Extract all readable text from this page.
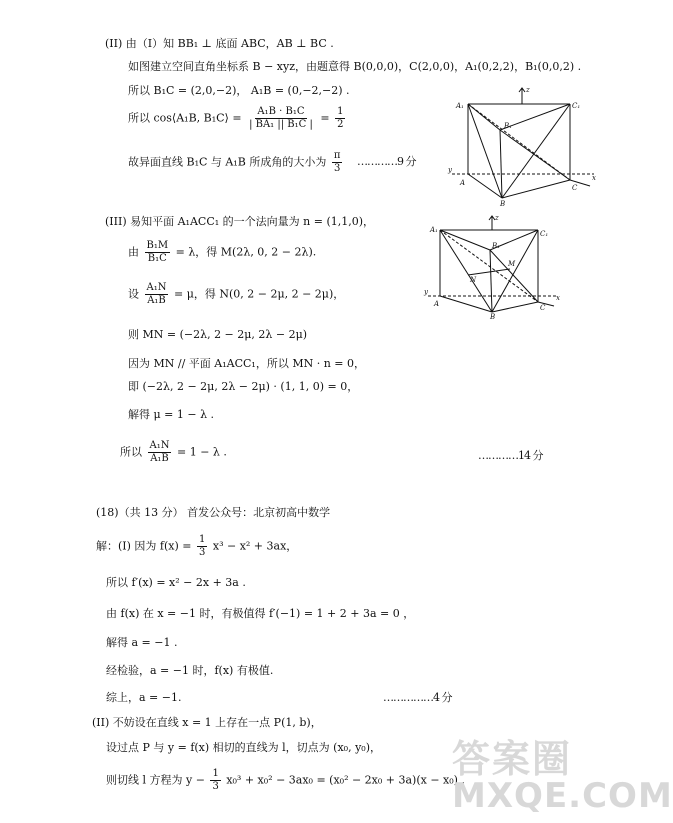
(II) 由（Ⅰ）知 BB₁ ⊥ 底面 ABC，AB ⊥ BC .
如图建立空间直角坐标系 B − xyz，由题意得 B(0,0,0)，C(2,0,0)，A₁(0,2,2)，B₁(0,0,2) .
所以 B₁C = (2,0,−2)， A₁B = (0,−2,−2) .
所以 cos⟨A₁B, B₁C⟩ = $\frac{\text{A₁B · B₁C}}{\text{| BA₁ || B₁C |}} = \frac{1}{2}$
故异面直线 B₁C 与 A₁B 所成角的大小为 $\frac{\pi}{3}$ …………9 分
z
A₁	C₁
B₁
y
A
B
C
x
(III) 易知平面 A₁ACC₁ 的一个法向量为 n = (1,1,0)，
由 $\frac{\text{B₁M}}{\text{B₁C}} = \lambda$，得 M(2λ, 0, 2 − 2λ).
设 $\frac{\text{A₁N}}{\text{A₁B}} = \mu$，得 N(0, 2 − 2μ, 2 − 2μ)，
则 MN = (−2λ, 2 − 2μ, 2λ − 2μ)
因为 MN // 平面 A₁ACC₁，所以 MN · n = 0，
即 (−2λ, 2 − 2μ, 2λ − 2μ) · (1, 1, 0) = 0，
解得 μ = 1 − λ .
所以 $\frac{\text{A₁N}}{\text{A₁B}} = 1 - \lambda$ .	…………14 分
z
A₁	C₁
B₁
M
N
y
A
B
C
x
(18)（共 13 分） 首发公众号：北京初高中数学
解：(I) 因为 $f(x) = \frac{1}{3} x^3 - x^2 + 3ax$，
所以 f′(x) = x² − 2x + 3a .
由 f(x) 在 x = −1 时，有极值得 f′(−1) = 1 + 2 + 3a = 0 ，
解得 a = −1 .
经检验，a = −1 时，f(x) 有极值.
综上，a = −1.	……………4 分
(II) 不妨设在直线 x = 1 上存在一点 P(1, b)，
设过点 P 与 y = f(x) 相切的直线为 l，切点为 (x₀, y₀)，
则切线 l 方程为 $y - \frac{1}{3} x_0^3 + x_0^2 - 3ax_0 = (x_0^2 - 2x_0 + 3a)(x - x_0)$ .
答案圈
MXQE.COM
